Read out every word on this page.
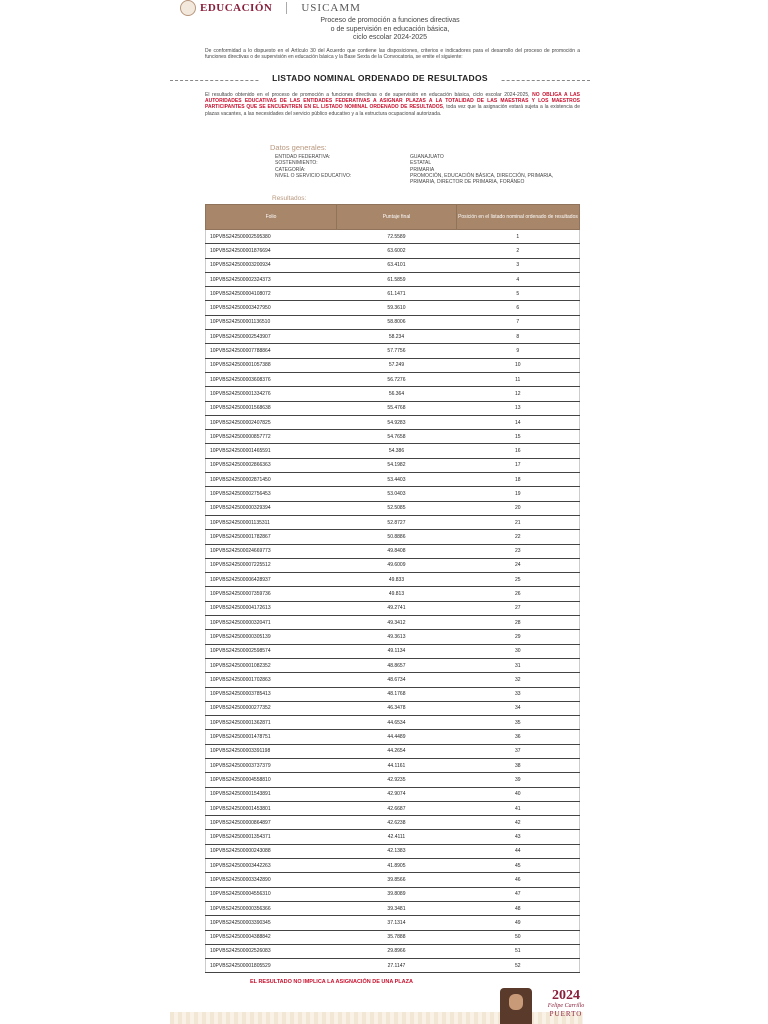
EDUCACIÓN	USICAMM
Proceso de promoción a funciones directivas
o de supervisión en educación básica,
ciclo escolar 2024-2025
De conformidad a lo dispuesto en el Artículo 30 del Acuerdo que contiene las disposiciones, criterios e indicadores para el desarrollo del proceso de promoción a funciones directivas o de supervisión en educación básica y la Base Sexta de la Convocatoria, se emite el siguiente:
LISTADO NOMINAL ORDENADO DE RESULTADOS
El resultado obtenido en el proceso de promoción a funciones directivas o de supervisión en educación básica, ciclo escolar 2024-2025, NO OBLIGA A LAS AUTORIDADES EDUCATIVAS DE LAS ENTIDADES FEDERATIVAS A ASIGNAR PLAZAS A LA TOTALIDAD DE LAS MAESTRAS Y LOS MAESTROS PARTICIPANTES QUE SE ENCUENTREN EN EL LISTADO NOMINAL ORDENADO DE RESULTADOS, toda vez que la asignación estará sujeta a la existencia de plazas vacantes, a las necesidades del servicio público educativo y a la estructura ocupacional autorizada.
Datos generales:
ENTIDAD FEDERATIVA:	GUANAJUATO
SOSTENIMIENTO:	ESTATAL
CATEGORÍA:	PRIMARIA
NIVEL O SERVICIO EDUCATIVO:	PROMOCIÓN, EDUCACIÓN BÁSICA, DIRECCIÓN, PRIMARIA, PRIMARIA, DIRECTOR DE PRIMARIA, FORÁNEO
Resultados:
Folio	Puntaje final	Posición en el listado nominal ordenado de resultados
10PVBS242500002595380	72.5589	1
10PVBS242500001876694	63.6002	2
10PVBS242500003200934	63.4101	3
10PVBS242500002324373	61.5859	4
10PVBS242500004108072	61.1471	5
10PVBS242500003427950	59.3610	6
10PVBS242500001136510	58.8006	7
10PVBS242500002543907	58.234	8
10PVBS242500007788864	57.7756	9
10PVBS242500001057388	57.249	10
10PVBS242500003608376	56.7276	11
10PVBS242500001334276	56.364	12
10PVBS242500001568638	55.4768	13
10PVBS242500002407825	54.9283	14
10PVBS242500000857772	54.7658	15
10PVBS242500001465591	54.386	16
10PVBS242500002866363	54.1982	17
10PVBS242500002871450	53.4403	18
10PVBS242500002756453	53.0403	19
10PVBS242500000329394	52.5085	20
10PVBS242500001135311	52.8727	21
10PVBS242500001782867	50.8886	22
10PVBS242500024669773	49.8408	23
10PVBS242500007225512	49.6009	24
10PVBS242500006428937	49.833	25
10PVBS242500007359736	49.813	26
10PVBS242500004172613	49.2741	27
10PVBS242500000320471	49.3412	28
10PVBS242500000305139	49.3613	29
10PVBS242500002598574	49.1134	30
10PVBS242500001082352	48.8657	31
10PVBS242500001702863	48.6734	32
10PVBS242500003785413	48.1768	33
10PVBS242500000277352	46.3478	34
10PVBS242500001362871	44.6534	35
10PVBS242500001478751	44.4489	36
10PVBS242500003391198	44.2654	37
10PVBS242500003737379	44.1161	38
10PVBS242500004558810	42.9235	39
10PVBS242500001543891	42.9074	40
10PVBS242500001453801	42.6687	41
10PVBS242500000864897	42.6238	42
10PVBS242500001354371	42.4111	43
10PVBS242500000243088	42.1383	44
10PVBS242500003442263	41.8905	45
10PVBS242500003342890	39.8566	46
10PVBS242500004556310	39.8089	47
10PVBS242500000356366	39.3481	48
10PVBS242500003390345	37.1314	49
10PVBS242500004388842	35.7888	50
10PVBS242500002526083	29.8966	51
10PVBS242500001805529	27.1147	52
EL RESULTADO NO IMPLICA LA ASIGNACIÓN DE UNA PLAZA
2024
Felipe Carrillo
PUERTO
